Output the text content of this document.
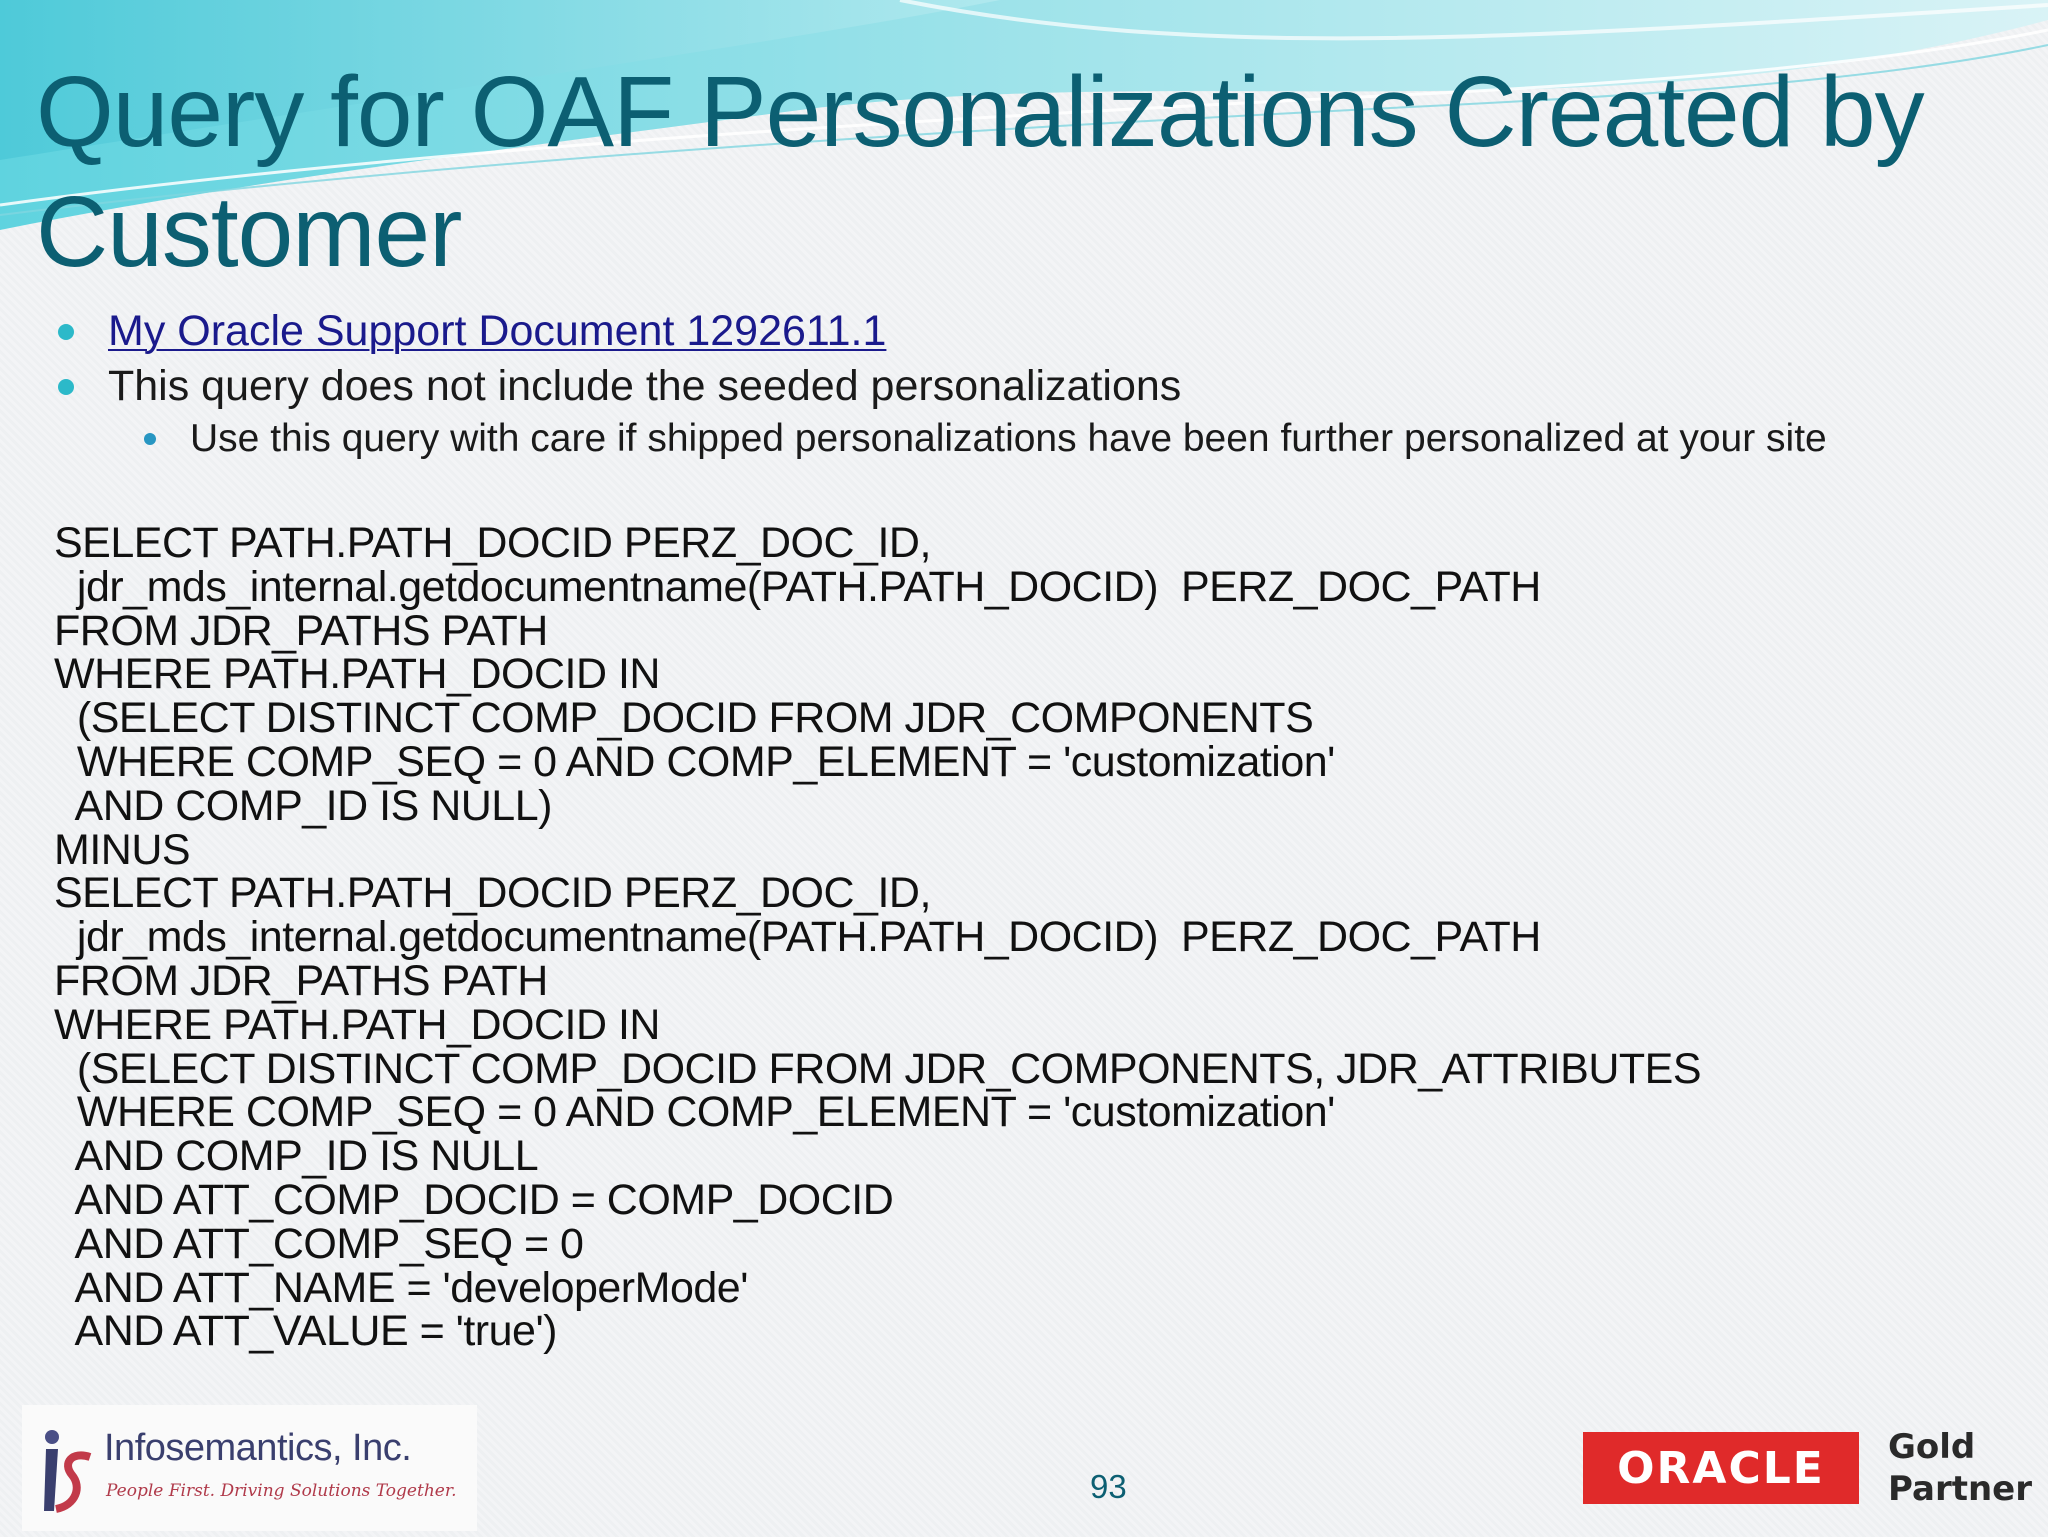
Query for OAF Personalizations Created by Customer
My Oracle Support Document 1292611.1
This query does not include the seeded personalizations
Use this query with care if shipped personalizations have been further personalized at your site
SELECT PATH.PATH_DOCID PERZ_DOC_ID,
jdr_mds_internal.getdocumentname(PATH.PATH_DOCID)  PERZ_DOC_PATH
FROM JDR_PATHS PATH
WHERE PATH.PATH_DOCID IN
(SELECT DISTINCT COMP_DOCID FROM JDR_COMPONENTS
WHERE COMP_SEQ = 0 AND COMP_ELEMENT = 'customization'
AND COMP_ID IS NULL)
MINUS
SELECT PATH.PATH_DOCID PERZ_DOC_ID,
jdr_mds_internal.getdocumentname(PATH.PATH_DOCID)  PERZ_DOC_PATH
FROM JDR_PATHS PATH
WHERE PATH.PATH_DOCID IN
(SELECT DISTINCT COMP_DOCID FROM JDR_COMPONENTS, JDR_ATTRIBUTES
WHERE COMP_SEQ = 0 AND COMP_ELEMENT = 'customization'
AND COMP_ID IS NULL
AND ATT_COMP_DOCID = COMP_DOCID
AND ATT_COMP_SEQ = 0
AND ATT_NAME = 'developerMode'
AND ATT_VALUE = 'true')
Infosemantics, Inc.
People First. Driving Solutions Together.	93	ORACLE Gold
Partner
